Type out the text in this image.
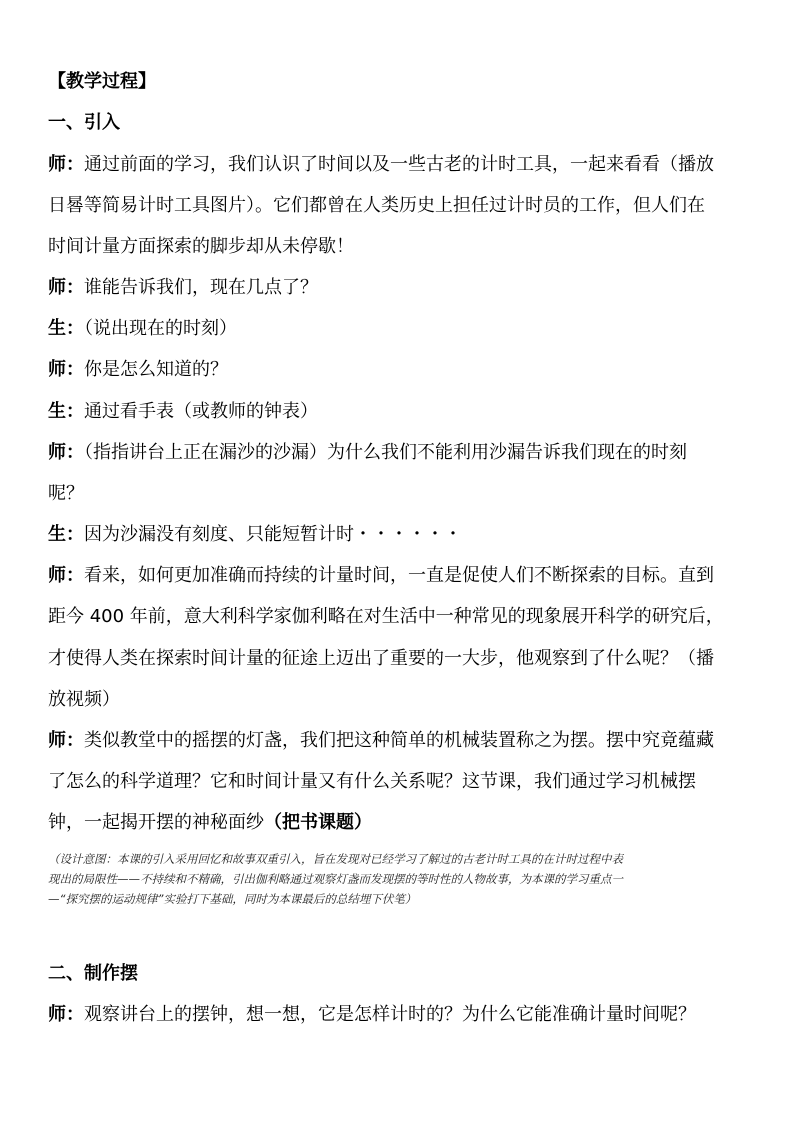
【教学过程】
一、引入
师：通过前面的学习，我们认识了时间以及一些古老的计时工具，一起来看看（播放
日晷等简易计时工具图片）。它们都曾在人类历史上担任过计时员的工作，但人们在
时间计量方面探索的脚步却从未停歇！
师：谁能告诉我们，现在几点了？
生：（说出现在的时刻）
师：你是怎么知道的？
生：通过看手表（或教师的钟表）
师：（指指讲台上正在漏沙的沙漏）为什么我们不能利用沙漏告诉我们现在的时刻
呢？
生：因为沙漏没有刻度、只能短暂计时・・・・・・
师：看来，如何更加准确而持续的计量时间，一直是促使人们不断探索的目标。直到
距今 400 年前，意大利科学家伽利略在对生活中一种常见的现象展开科学的研究后，
才使得人类在探索时间计量的征途上迈出了重要的一大步，他观察到了什么呢？（播
放视频）
师：类似教堂中的摇摆的灯盏，我们把这种简单的机械装置称之为摆。摆中究竟蕴藏
了怎么的科学道理？它和时间计量又有什么关系呢？这节课，我们通过学习机械摆
钟，一起揭开摆的神秘面纱（把书课题）
（设计意图：本课的引入采用回忆和故事双重引入，旨在发现对已经学习了解过的古老计时工具的在计时过程中表
现出的局限性——不持续和不精确，引出伽利略通过观察灯盏而发现摆的等时性的人物故事，为本课的学习重点一
—“探究摆的运动规律”实验打下基础，同时为本课最后的总结埋下伏笔）
二、制作摆
师：观察讲台上的摆钟，想一想，它是怎样计时的？为什么它能准确计量时间呢？
